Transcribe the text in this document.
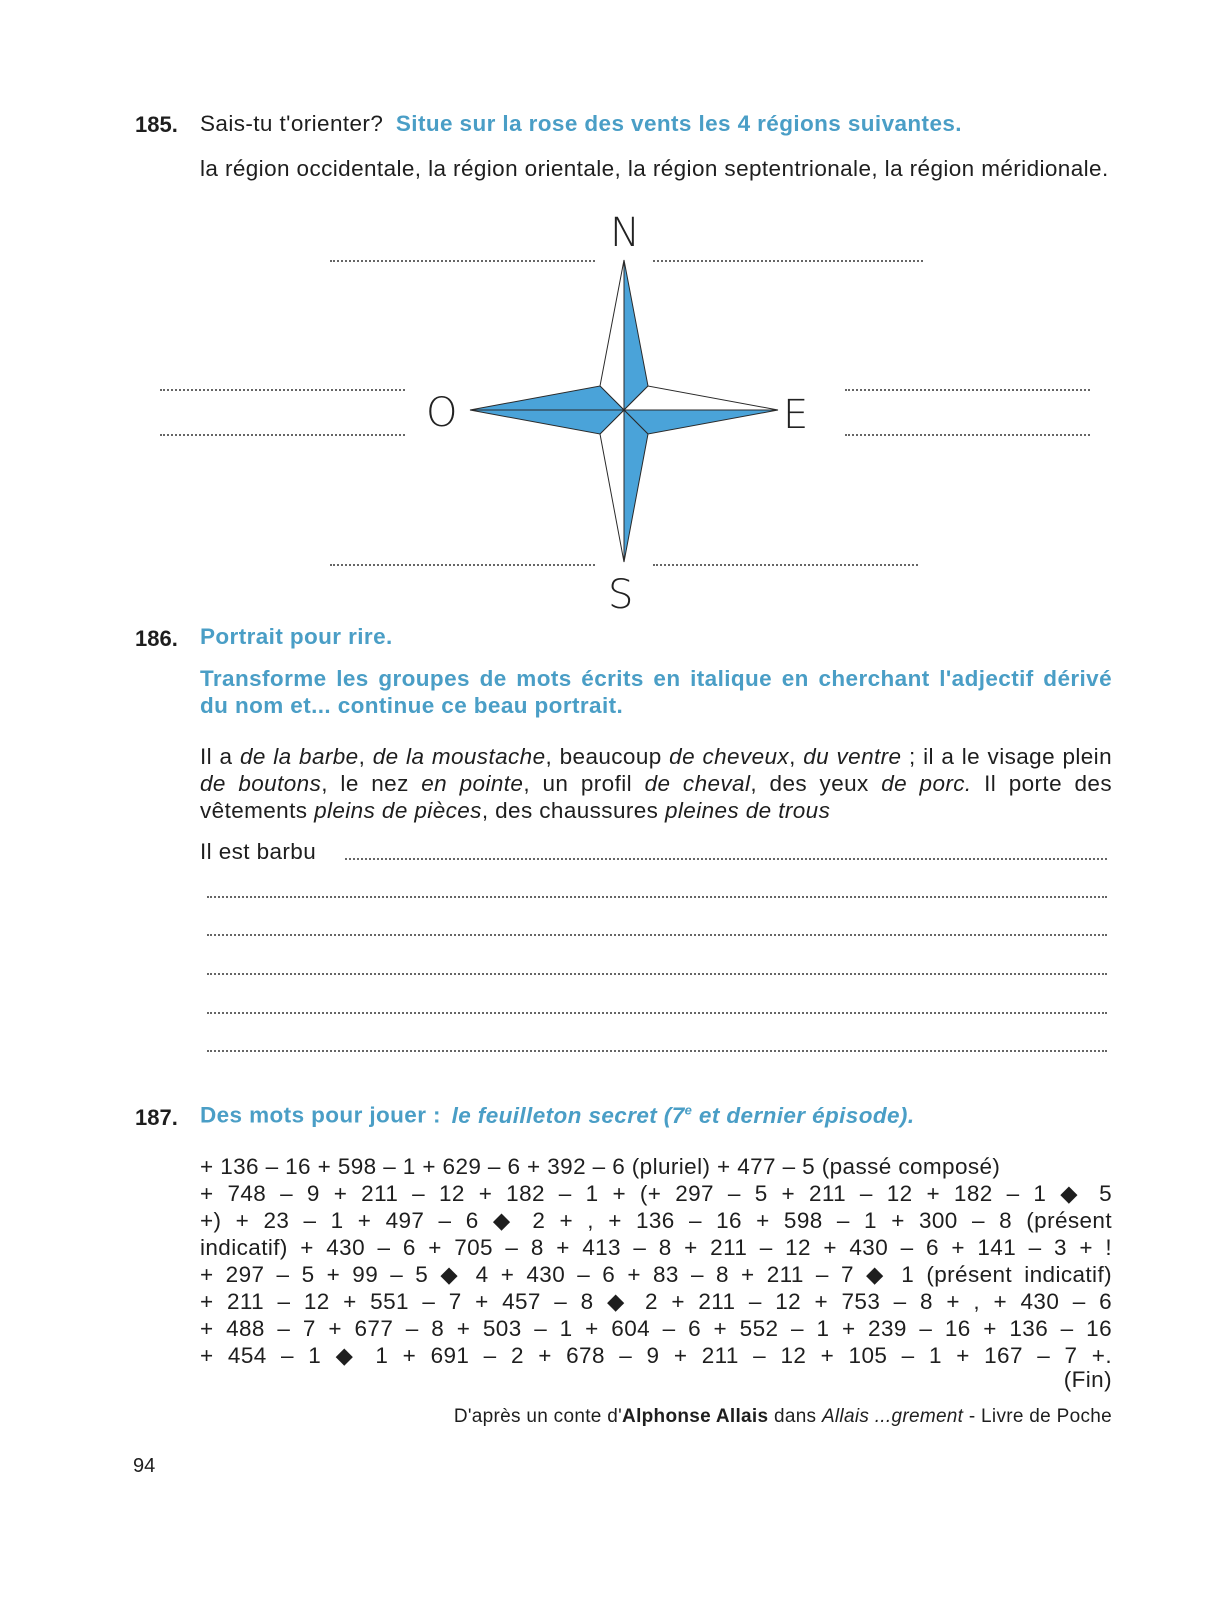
185. Sais-tu t'orienter? Situe sur la rose des vents les 4 régions suivantes.
la région occidentale, la région orientale, la région septentrionale, la région méridionale.
N
S
E
O
186. Portrait pour rire.
Transforme les groupes de mots écrits en italique en cherchant l'adjectif dérivé du nom et... continue ce beau portrait.
Il a de la barbe, de la moustache, beaucoup de cheveux, du ventre ; il a le visage plein de boutons, le nez en pointe, un profil de cheval, des yeux de porc. Il porte des vêtements pleins de pièces, des chaussures pleines de trous
Il est barbu
187. Des mots pour jouer : le feuilleton secret (7e et dernier épisode).

+ 136 – 16 + 598 – 1 + 629 – 6 + 392 – 6 (pluriel) + 477 – 5 (passé composé)

+ 748 – 9 + 211 – 12 + 182 – 1 + (+ 297 – 5 + 211 – 12 + 182 – 1 ◆ 5

+) + 23 – 1 + 497 – 6 ◆ 2 + , + 136 – 16 + 598 – 1 + 300 – 8 (présent

indicatif) + 430 – 6 + 705 – 8 + 413 – 8 + 211 – 12 + 430 – 6 + 141 – 3 + !

+ 297 – 5 + 99 – 5 ◆ 4 + 430 – 6 + 83 – 8 + 211 – 7 ◆ 1 (présent indicatif)

+ 211 – 12 + 551 – 7 + 457 – 8 ◆ 2 + 211 – 12 + 753 – 8 + , + 430 – 6

+ 488 – 7 + 677 – 8 + 503 – 1 + 604 – 6 + 552 – 1 + 239 – 16 + 136 – 16

+ 454 – 1 ◆ 1 + 691 – 2 + 678 – 9 + 211 – 12 + 105 – 1 + 167 – 7 +.

(Fin)
D'après un conte d'Alphonse Allais dans Allais ...grement - Livre de Poche
94
